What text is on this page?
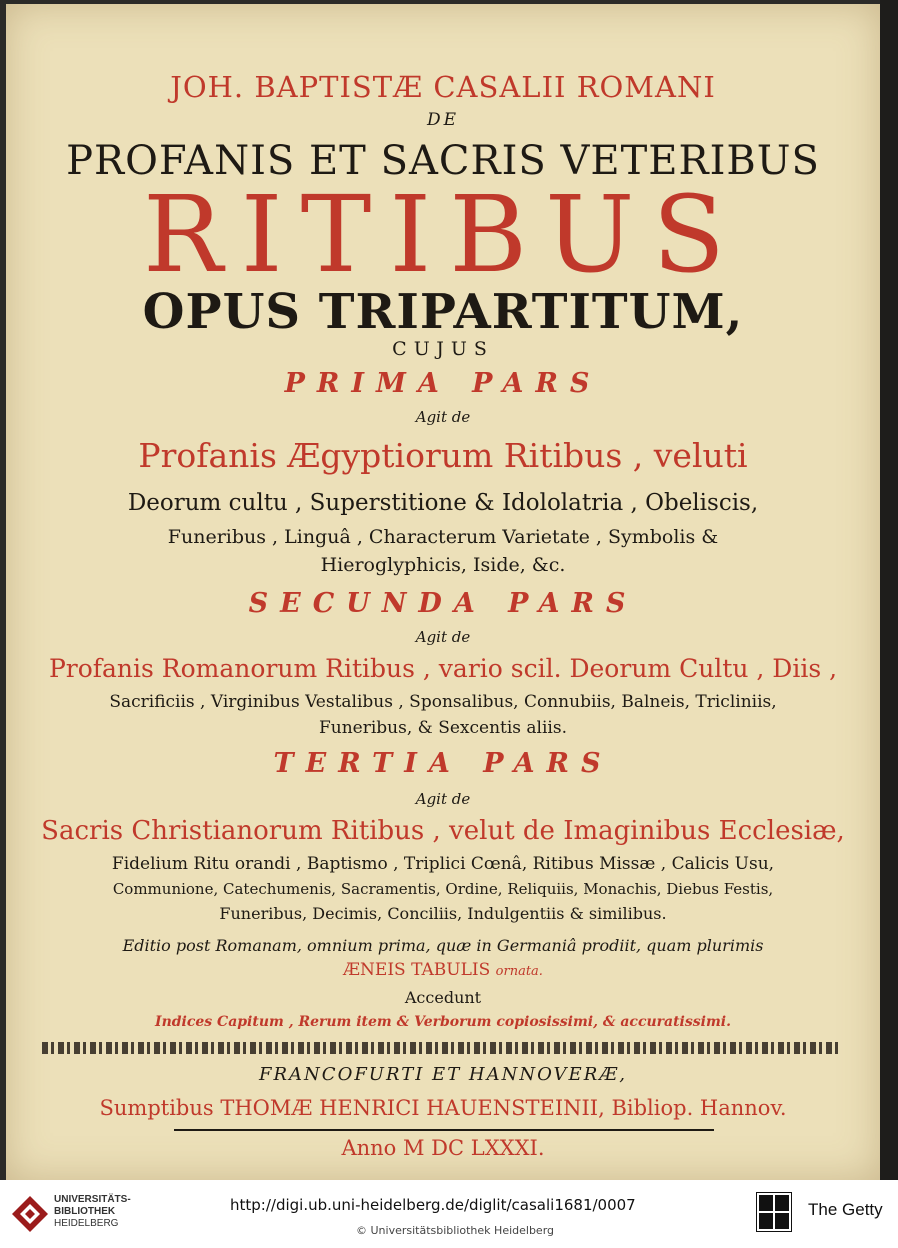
JOH. BAPTISTÆ CASALII ROMANI
DE
PROFANIS ET SACRIS VETERIBUS
RITIBUS
OPUS TRIPARTITUM,
CUJUS
PRIMA PARS
Agit de
Profanis Ægyptiorum Ritibus , veluti
Deorum cultu , Superstitione & Idololatria , Obeliscis,
Funeribus , Linguâ , Characterum Varietate , Symbolis &
Hieroglyphicis, Iside, &c.
SECUNDA PARS
Agit de
Profanis Romanorum Ritibus , vario scil. Deorum Cultu , Diis ,
Sacrificiis , Virginibus Vestalibus , Sponsalibus, Connubiis, Balneis, Tricliniis,
Funeribus, & Sexcentis aliis.
TERTIA PARS
Agit de
Sacris Christianorum Ritibus , velut de Imaginibus Ecclesiæ,
Fidelium Ritu orandi , Baptismo , Triplici Cœnâ, Ritibus Missæ , Calicis Usu,
Communione, Catechumenis, Sacramentis, Ordine, Reliquiis, Monachis, Diebus Festis,
Funeribus, Decimis, Conciliis, Indulgentiis & similibus.
Editio post Romanam, omnium prima, quæ in Germaniâ prodiit, quam plurimis
ÆNEIS TABULIS ornata.
Accedunt
Indices Capitum , Rerum item & Verborum copiosissimi, & accuratissimi.
FRANCOFURTI ET HANNOVERÆ,
Sumptibus THOMÆ HENRICI HAUENSTEINII, Bibliop. Hannov.
Anno M DC LXXXI.
UNIVERSITÄTS-
BIBLIOTHEK
HEIDELBERG
http://digi.ub.uni-heidelberg.de/diglit/casali1681/0007
© Universitätsbibliothek Heidelberg
The Getty
